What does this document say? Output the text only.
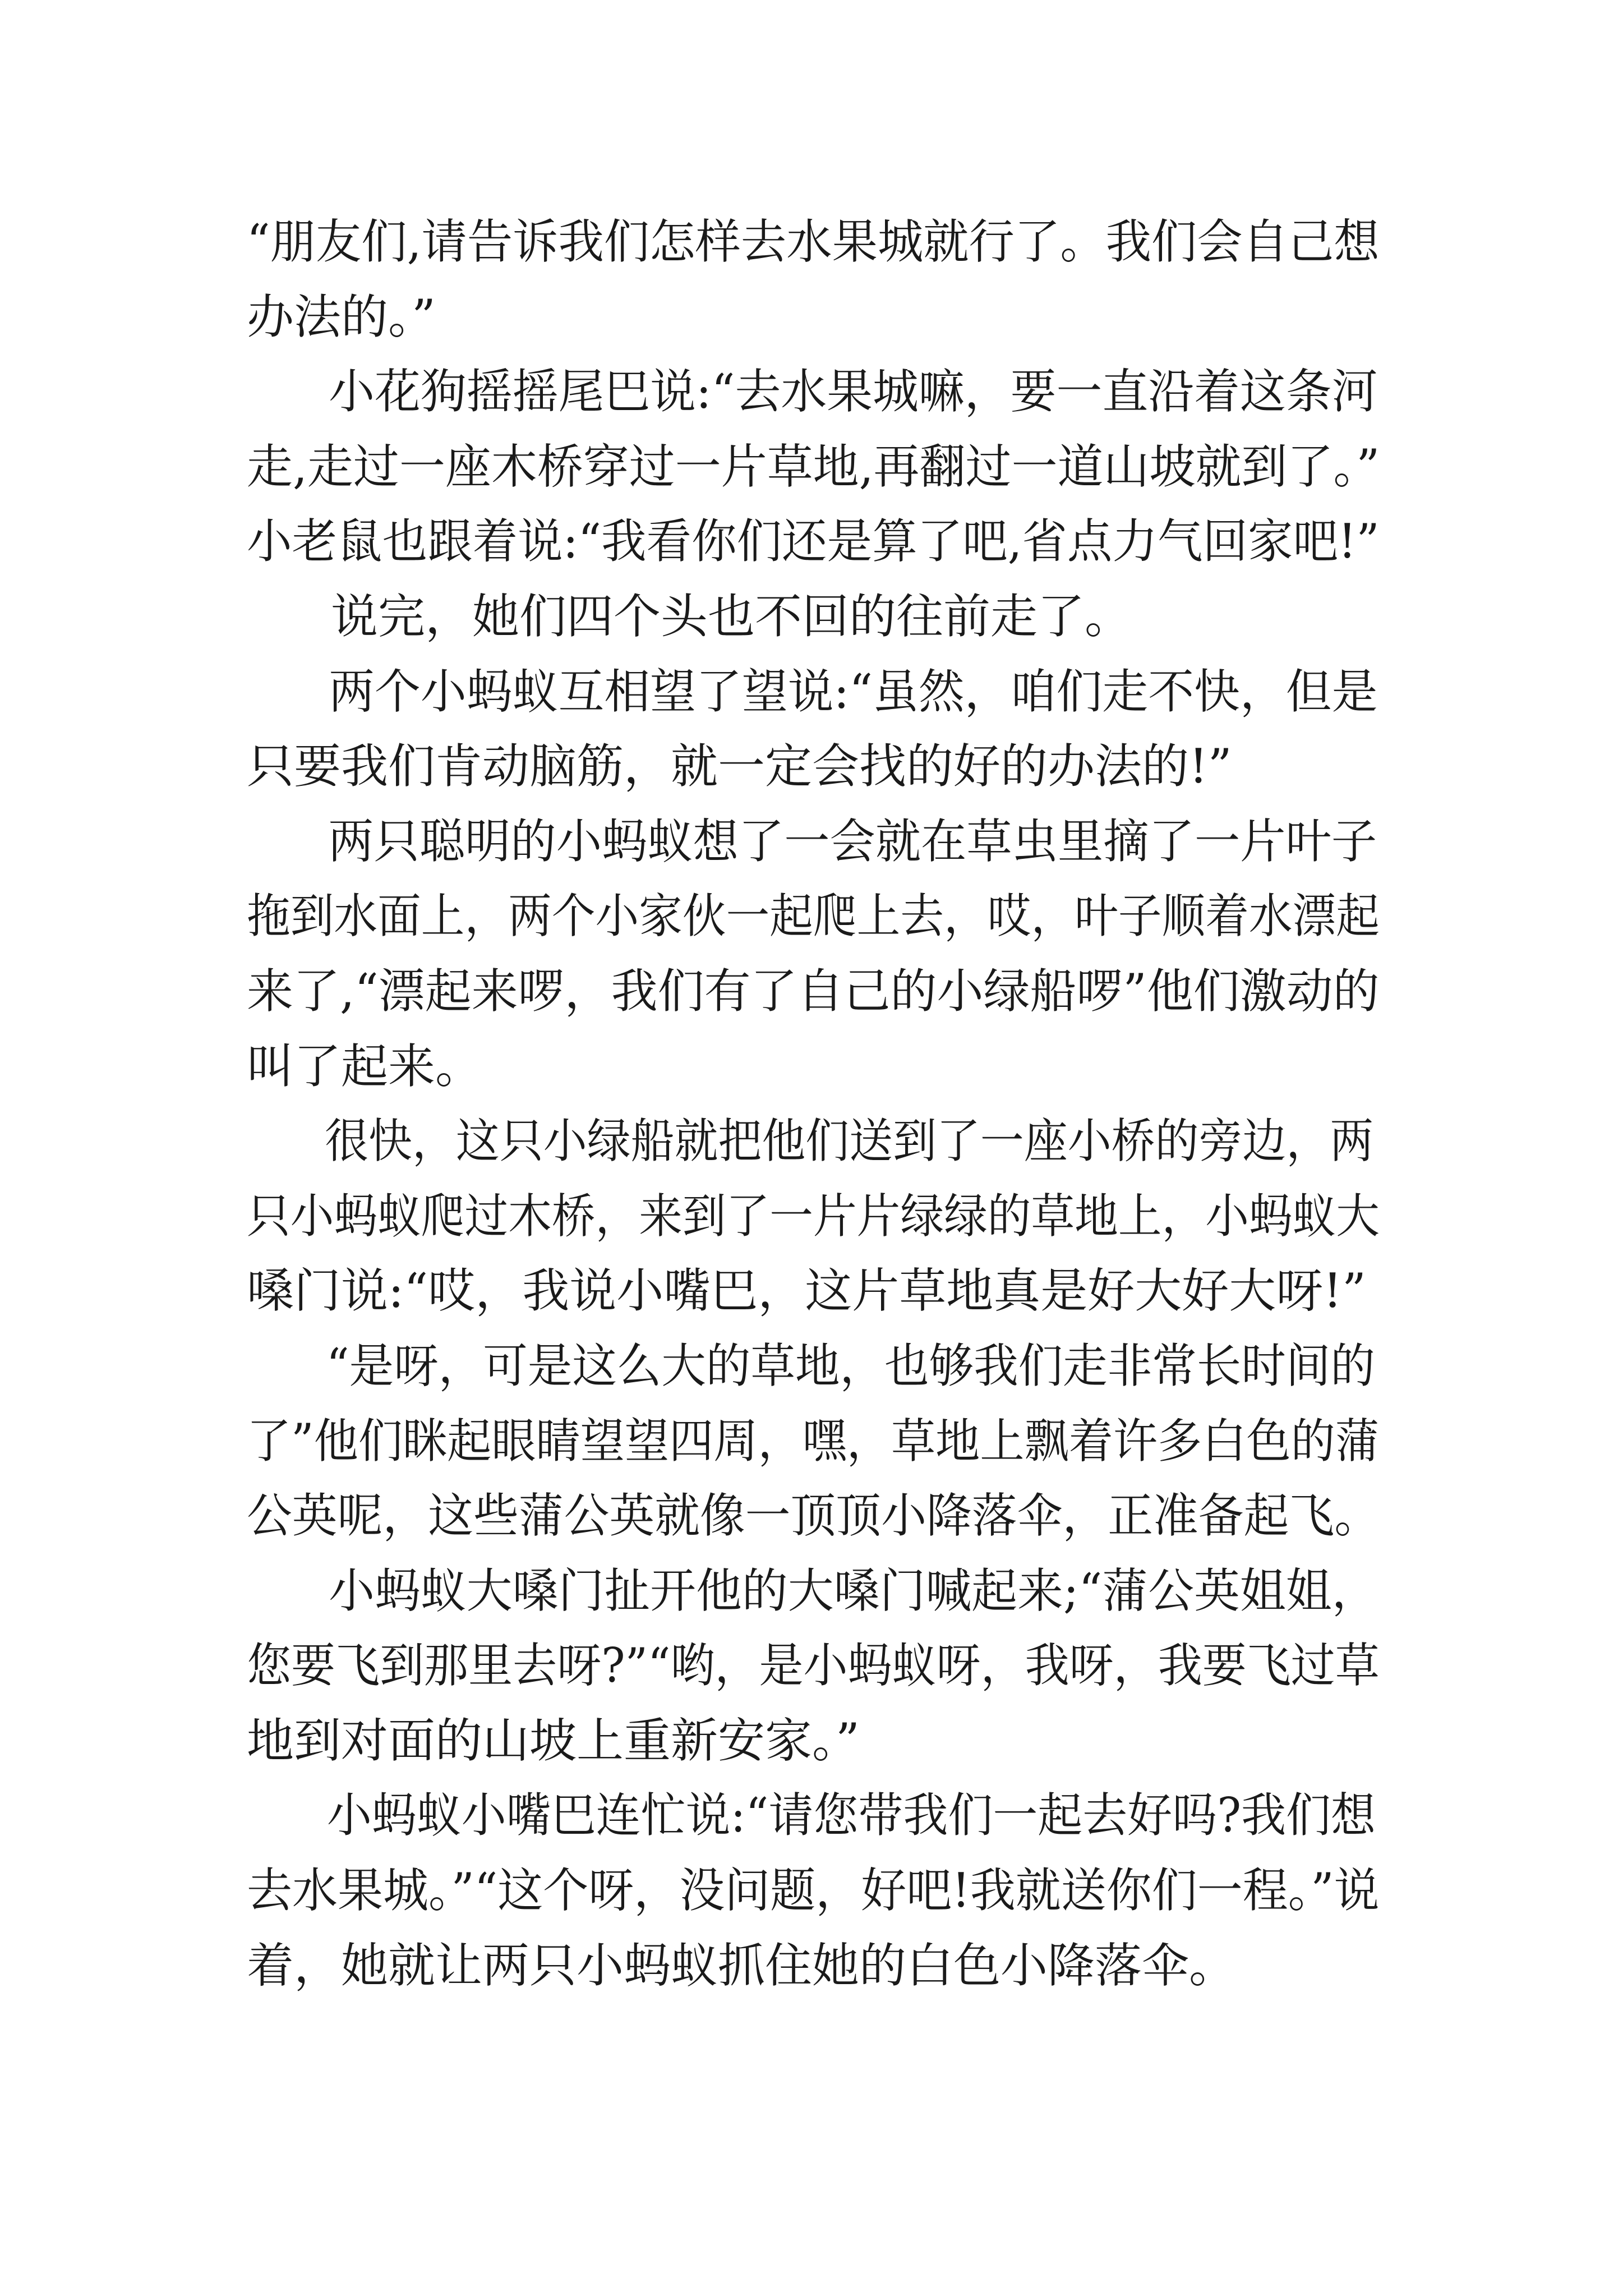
“朋友们,请告诉我们怎样去水果城就行了。我们会自己想
办法的。”
小花狗摇摇尾巴说:“去水果城嘛，要一直沿着这条河
走,走过一座木桥穿过一片草地,再翻过一道山坡就到了。”
小老鼠也跟着说:“我看你们还是算了吧,省点力气回家吧!”
说完，她们四个头也不回的往前走了。
两个小蚂蚁互相望了望说:“虽然，咱们走不快，但是
只要我们肯动脑筋，就一定会找的好的办法的!”
两只聪明的小蚂蚁想了一会就在草虫里摘了一片叶子
拖到水面上，两个小家伙一起爬上去，哎，叶子顺着水漂起
来了,“漂起来啰，我们有了自己的小绿船啰”他们激动的
叫了起来。
很快，这只小绿船就把他们送到了一座小桥的旁边，两
只小蚂蚁爬过木桥，来到了一片片绿绿的草地上，小蚂蚁大
嗓门说:“哎，我说小嘴巴，这片草地真是好大好大呀!”
“是呀，可是这么大的草地，也够我们走非常长时间的
了”他们眯起眼睛望望四周，嘿，草地上飘着许多白色的蒲
公英呢，这些蒲公英就像一顶顶小降落伞，正准备起飞。
小蚂蚁大嗓门扯开他的大嗓门喊起来;“蒲公英姐姐，
您要飞到那里去呀?”“哟，是小蚂蚁呀，我呀，我要飞过草
地到对面的山坡上重新安家。”
小蚂蚁小嘴巴连忙说:“请您带我们一起去好吗?我们想
去水果城。”“这个呀，没问题，好吧!我就送你们一程。”说
着，她就让两只小蚂蚁抓住她的白色小降落伞。
